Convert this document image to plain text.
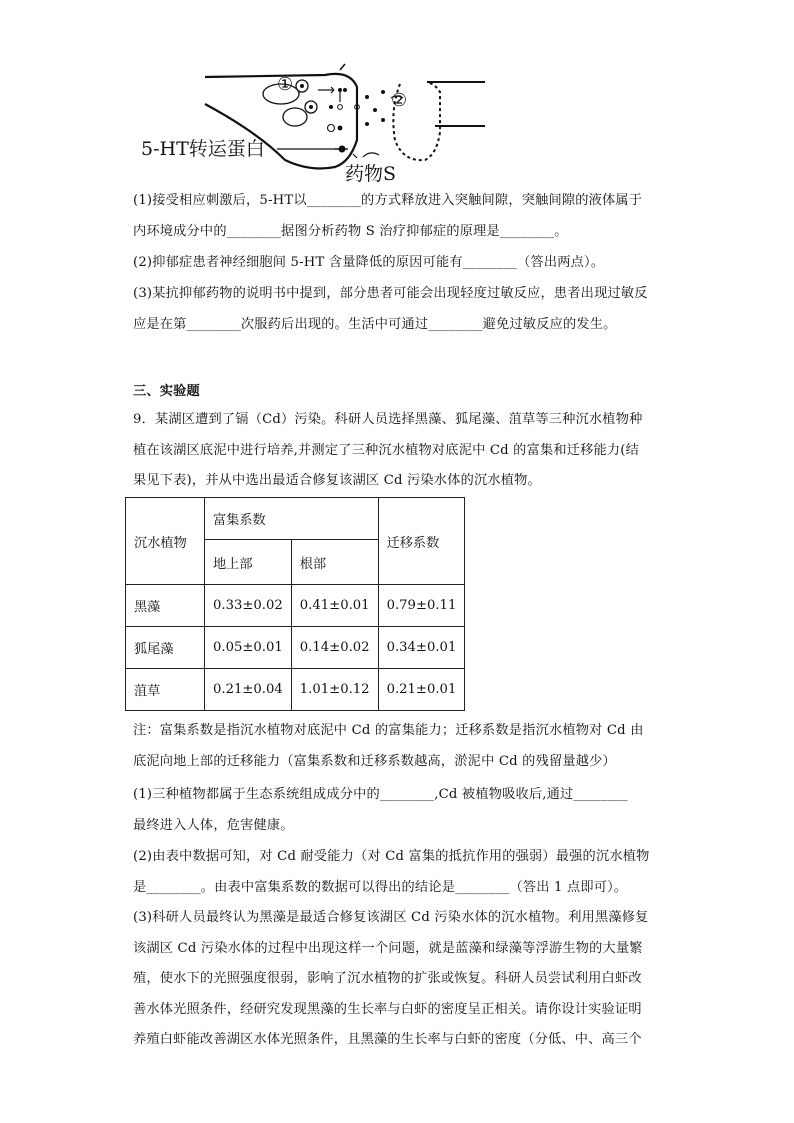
①
②
5-HT转运蛋白
药物S
(1)接受相应刺激后，5-HT以________的方式释放进入突触间隙，突触间隙的液体属于
内环境成分中的________据图分析药物 S 治疗抑郁症的原理是________。
(2)抑郁症患者神经细胞间 5-HT 含量降低的原因可能有________（答出两点）。
(3)某抗抑郁药物的说明书中提到，部分患者可能会出现轻度过敏反应，患者出现过敏反
应是在第________次服药后出现的。生活中可通过________避免过敏反应的发生。
三、实验题
9．某湖区遭到了镉（Cd）污染。科研人员选择黑藻、狐尾藻、菹草等三种沉水植物种
植在该湖区底泥中进行培养,并测定了三种沉水植物对底泥中 Cd 的富集和迁移能力(结
果见下表)，并从中选出最适合修复该湖区 Cd 污染水体的沉水植物。
沉水植物	富集系数		迁移系数
	地上部	根部	
黑藻	0.33±0.02	0.41±0.01	0.79±0.11
狐尾藻	0.05±0.01	0.14±0.02	0.34±0.01
菹草	0.21±0.04	1.01±0.12	0.21±0.01
注：富集系数是指沉水植物对底泥中 Cd 的富集能力；迁移系数是指沉水植物对 Cd 由
底泥向地上部的迁移能力（富集系数和迁移系数越高，淤泥中 Cd 的残留量越少）
(1)三种植物都属于生态系统组成成分中的________,Cd 被植物吸收后,通过________
最终进入人体，危害健康。
(2)由表中数据可知，对 Cd 耐受能力（对 Cd 富集的抵抗作用的强弱）最强的沉水植物
是________。由表中富集系数的数据可以得出的结论是________（答出 1 点即可）。
(3)科研人员最终认为黑藻是最适合修复该湖区 Cd 污染水体的沉水植物。利用黑藻修复
该湖区 Cd 污染水体的过程中出现这样一个问题，就是蓝藻和绿藻等浮游生物的大量繁
殖，使水下的光照强度很弱，影响了沉水植物的扩张或恢复。科研人员尝试利用白虾改
善水体光照条件，经研究发现黑藻的生长率与白虾的密度呈正相关。请你设计实验证明
养殖白虾能改善湖区水体光照条件，且黑藻的生长率与白虾的密度（分低、中、高三个
